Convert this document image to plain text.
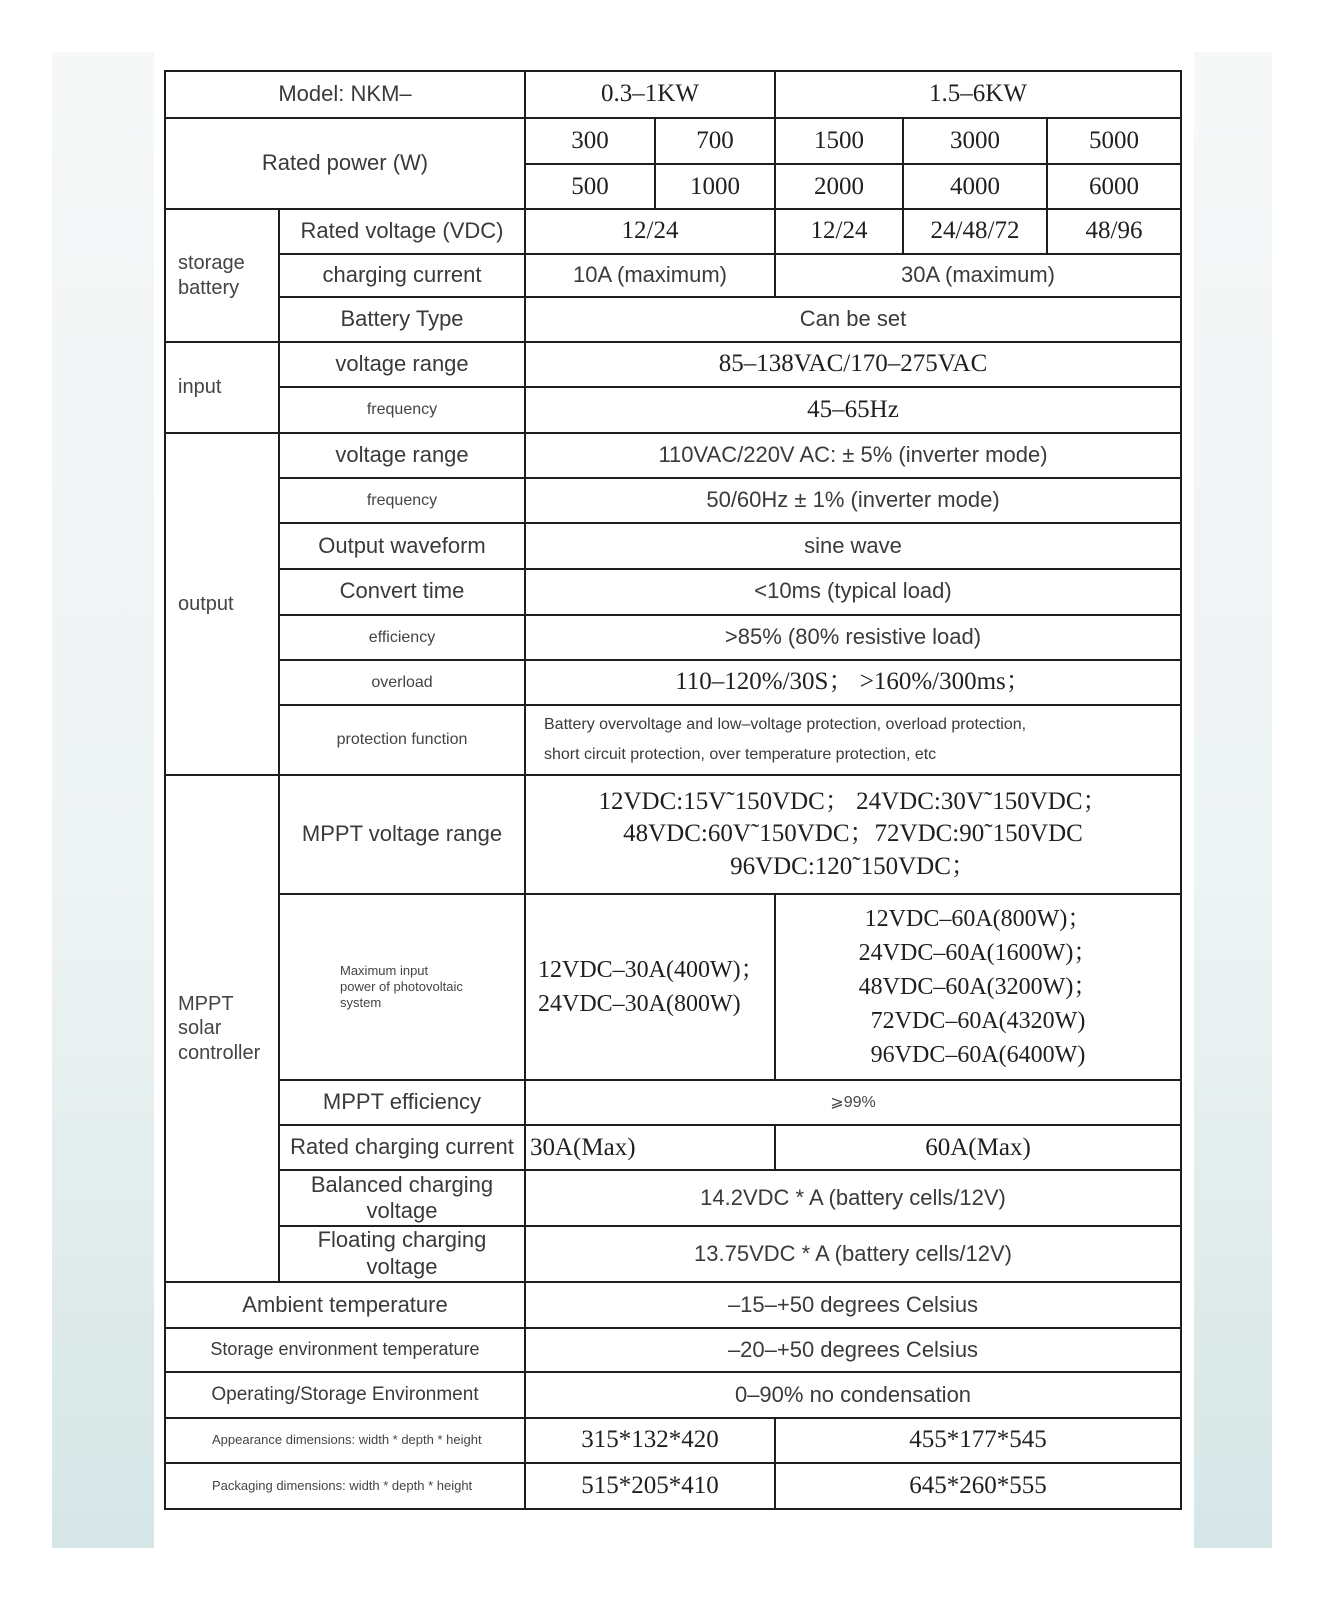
Model: NKM–		0.3–1KW		1.5–6KW		
Rated power (W)		300	700	1500	3000	5000
		500	1000	2000	4000	6000
storage battery	Rated voltage (VDC)	12/24		12/24	24/48/72	48/96
	charging current	10A (maximum)		30A (maximum)		
	Battery Type	Can be set				
input	voltage range	85–138VAC/170–275VAC				
	frequency	45–65Hz				
output	voltage range	110VAC/220V AC: ± 5% (inverter mode)				
	frequency	50/60Hz ± 1% (inverter mode)				
	Output waveform	sine wave				
	Convert time	<10ms (typical load)				
	efficiency	>85% (80% resistive load)				
	overload	110–120%/30S； >160%/300ms；				
	protection function	Battery overvoltage and low–voltage protection, overload protection,
short circuit protection, over temperature protection, etc				

MPPT solar controller	MPPT voltage range	12VDC:15V˜150VDC； 24VDC:30V˜150VDC；
48VDC:60V˜150VDC；72VDC:90˜150VDC
96VDC:120˜150VDC；				

	Maximum input power of photovoltaic system	12VDC–30A(400W)；
24VDC–30A(800W)		12VDC–60A(800W)；
24VDC–60A(1600W)；
48VDC–60A(3200W)；
72VDC–60A(4320W)
96VDC–60A(6400W)		

	MPPT efficiency	⩾99%				
	Rated charging current	30A(Max)		60A(Max)		
	Balanced charging voltage	14.2VDC * A (battery cells/12V)				
	Floating charging voltage	13.75VDC * A (battery cells/12V)				
Ambient temperature		–15–+50 degrees Celsius				
Storage environment temperature		–20–+50 degrees Celsius				
Operating/Storage Environment		0–90% no condensation				
Appearance dimensions: width * depth * height		315*132*420		455*177*545		
Packaging dimensions: width * depth * height		515*205*410		645*260*555		
